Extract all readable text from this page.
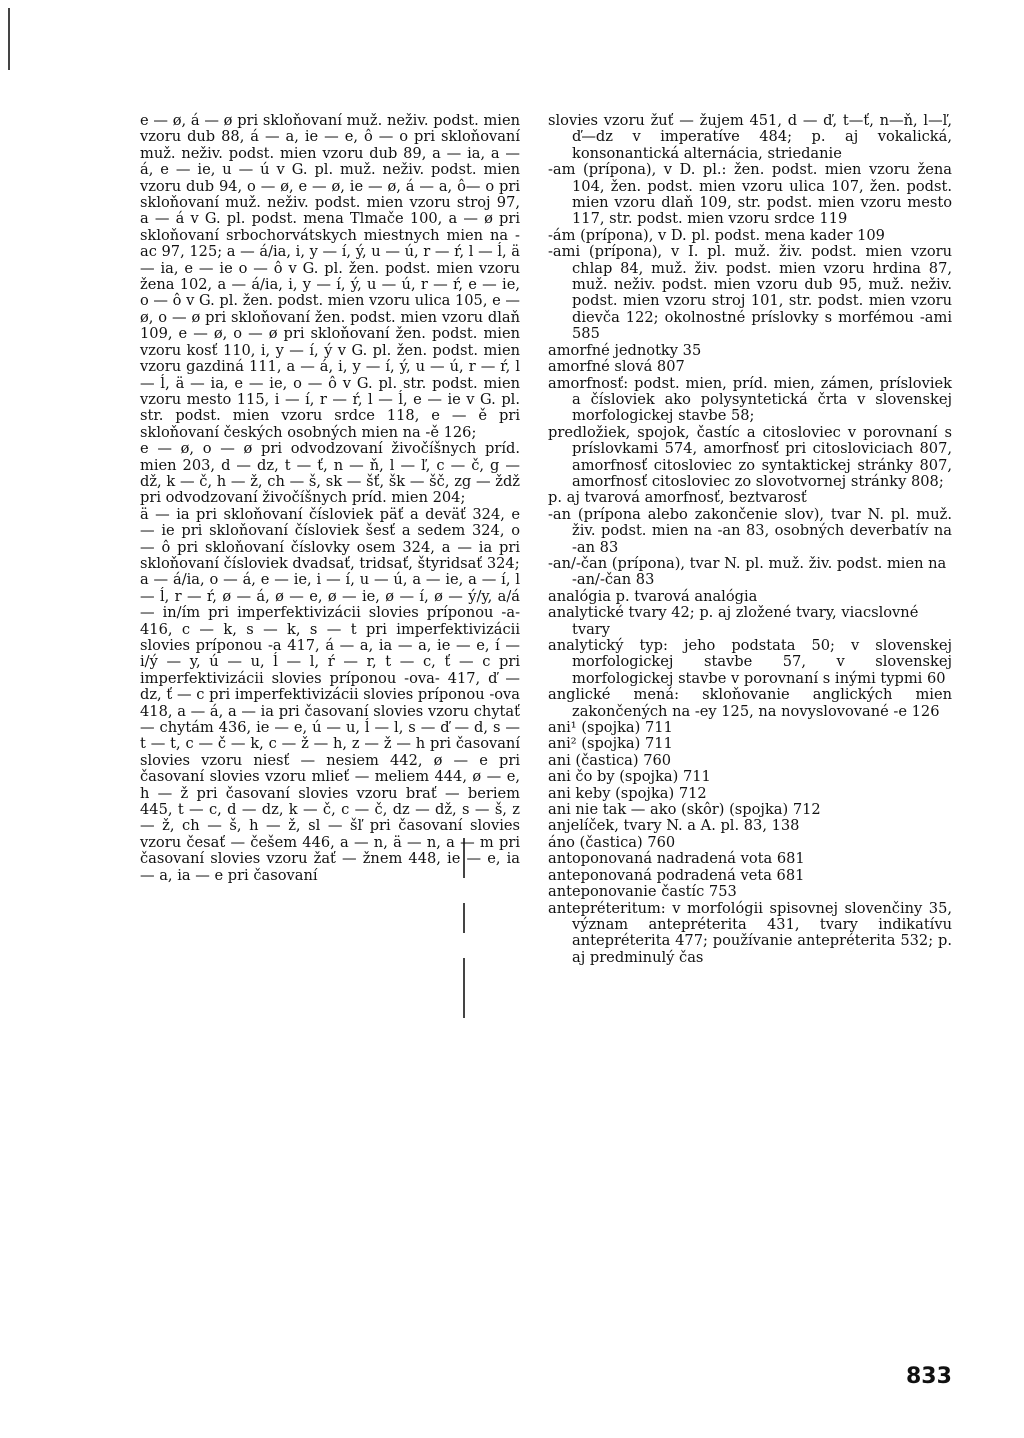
e — ø, á — ø pri skloňovaní muž. neživ. podst. mien vzoru dub 88, á — a, ie — e, ô — o pri skloňovaní muž. neživ. podst. mien vzoru dub 89, a — ia, a — á, e — ie, u — ú v G. pl. muž. neživ. podst. mien vzoru dub 94, o — ø, e — ø, ie — ø, á — a, ô— o pri skloňovaní muž. neživ. podst. mien vzoru stroj 97, a — á v G. pl. podst. mena Tlmače 100, a — ø pri skloňovaní srbochorvátskych miestnych mien na -ac 97, 125; a — á/ia, i, y — í, ý, u — ú, r — ŕ, l — ĺ, ä — ia, e — ie o — ô v G. pl. žen. podst. mien vzoru žena 102, a — á/ia, i, y — í, ý, u — ú, r — ŕ, e — ie, o — ô v G. pl. žen. podst. mien vzoru ulica 105, e — ø, o — ø pri skloňovaní žen. podst. mien vzoru dlaň 109, e — ø, o — ø pri skloňovaní žen. podst. mien vzoru kosť 110, i, y — í, ý v G. pl. žen. podst. mien vzoru gazdiná 111, a — á, i, y — í, ý, u — ú, r — ŕ, l — ĺ, ä — ia, e — ie, o — ô v G. pl. str. podst. mien vzoru mesto 115, i — í, r — ŕ, l — ĺ, e — ie v G. pl. str. podst. mien vzoru srdce 118, e — ě pri skloňovaní českých osobných mien na -ě 126;

e — ø, o — ø pri odvodzovaní živočíšnych príd. mien 203, d — dz, t — ť, n — ň, l — ľ, c — č, g — dž, k — č, h — ž, ch — š, sk — šť, šk — šč, zg — ždž pri odvodzovaní živočíšnych príd. mien 204;

ä — ia pri skloňovaní čísloviek päť a deväť 324, e — ie pri skloňovaní čísloviek šesť a sedem 324, o — ô pri skloňovaní číslovky osem 324, a — ia pri skloňovaní čísloviek dvadsať, tridsať, štyridsať 324;

a — á/ia, o — á, e — ie, i — í, u — ú, a — ie, a — í, l — ĺ, r — ŕ, ø — á, ø — e, ø — ie, ø — í, ø — ý/y, a/á — in/ím pri imperfektivizácii slovies príponou -a- 416, c — k, s — k, s — t pri imperfektivizácii slovies príponou -a 417, á — a, ia — a, ie — e, í — i/ý — y, ú — u, ĺ — l, ŕ — r, t — c, ť — c pri imperfektivizácii slovies príponou -ova- 417, ď — dz, ť — c pri imperfektivizácii slovies príponou -ova 418, a — á, a — ia pri časovaní slovies vzoru chytať — chytám 436, ie — e, ú — u, ĺ — l, s — ď — d, s — t — t, c — č — k, c — ž — h, z — ž — h pri časovaní slovies vzoru niesť — nesiem 442, ø — e pri časovaní slovies vzoru mlieť — meliem 444, ø — e, h — ž pri časovaní slovies vzoru brať — beriem 445, t — c, d — dz, k — č, c — č, dz — dž, s — š, z — ž, ch — š, h — ž, sl — šľ pri časovaní slovies vzoru česať — češem 446, a — n, ä — n, a — m pri časovaní slovies vzoru žať — žnem 448, ie — e, ia — a, ia — e pri časovaní

slovies vzoru žuť — žujem 451, d — ď, t—ť, n—ň, l—ľ, ď—dz v imperatíve 484; p. aj vokalická, konsonantická alternácia, striedanie

-am (prípona), v D. pl.: žen. podst. mien vzoru žena 104, žen. podst. mien vzoru ulica 107, žen. podst. mien vzoru dlaň 109, str. podst. mien vzoru mesto 117, str. podst. mien vzoru srdce 119

-ám (prípona), v D. pl. podst. mena kader 109

-ami (prípona), v I. pl. muž. živ. podst. mien vzoru chlap 84, muž. živ. podst. mien vzoru hrdina 87, muž. neživ. podst. mien vzoru dub 95, muž. neživ. podst. mien vzoru stroj 101, str. podst. mien vzoru dievča 122; okolnostné príslovky s morfémou -ami 585

amorfné jednotky 35

amorfné slová 807

amorfnosť: podst. mien, príd. mien, zámen, prísloviek a čísloviek ako polysyntetická črta v slovenskej morfologickej stavbe 58;

predložiek, spojok, častíc a citosloviec v porovnaní s príslovkami 574, amorfnosť pri citosloviciach 807, amorfnosť citosloviec zo syntaktickej stránky 807, amorfnosť citosloviec zo slovotvornej stránky 808;

p. aj tvarová amorfnosť, beztvarosť

-an (prípona alebo zakončenie slov), tvar N. pl. muž. živ. podst. mien na -an 83, osobných deverbatív na -an 83

-an/-čan (prípona), tvar N. pl. muž. živ. podst. mien na -an/-čan 83

analógia p. tvarová analógia

analytické tvary 42; p. aj zložené tvary, viacslovné tvary

analytický typ: jeho podstata 50; v slovenskej morfologickej stavbe 57, v slovenskej morfologickej stavbe v porovnaní s inými typmi 60

anglické mená: skloňovanie anglických mien zakončených na -ey 125, na novyslovované -e 126

ani¹ (spojka) 711

ani² (spojka) 711

ani (častica) 760

ani čo by (spojka) 711

ani keby (spojka) 712

ani nie tak — ako (skôr) (spojka) 712

anjelíček, tvary N. a A. pl. 83, 138

áno (častica) 760

antoponovaná nadradená vota 681

anteponovaná podradená veta 681

anteponovanie častíc 753

antepréteritum: v morfológii spisovnej slovenčiny 35, význam antepréterita 431, tvary indikatívu antepréterita 477; používanie antepréterita 532; p. aj predminulý čas

833
